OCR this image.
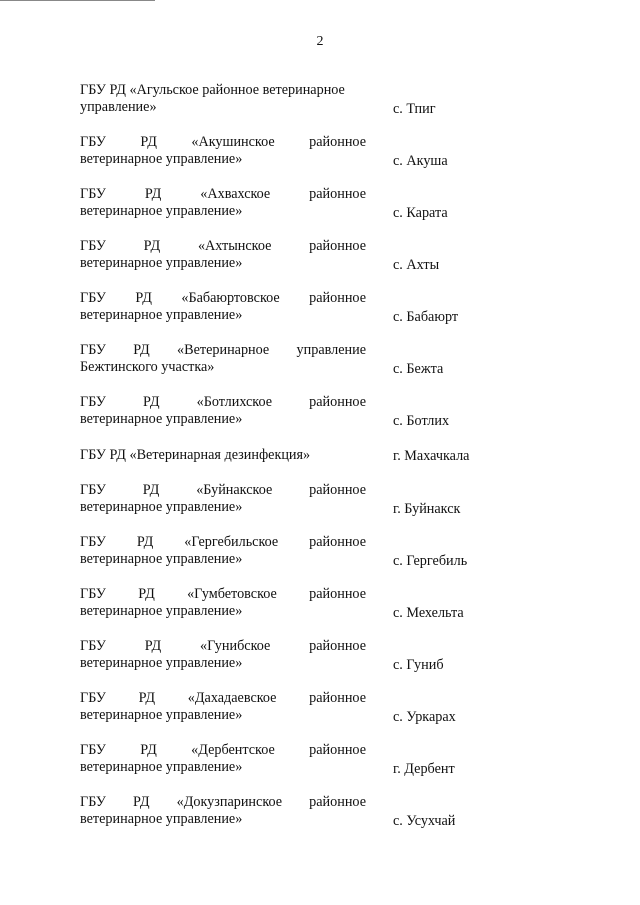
2
ГБУ РД «Агульское районное ветеринарное
управление»	с. Тпиг
ГБУ РД «Акушинское районное
ветеринарное управление»	с. Акуша
ГБУ РД «Ахвахское районное
ветеринарное управление»	с. Карата
ГБУ РД «Ахтынское районное
ветеринарное управление»	с. Ахты
ГБУ РД «Бабаюртовское районное
ветеринарное управление»	с. Бабаюрт
ГБУ РД «Ветеринарное управление
Бежтинского участка»	с. Бежта
ГБУ РД «Ботлихское районное
ветеринарное управление»	с. Ботлих
ГБУ РД «Ветеринарная дезинфекция»	г. Махачкала
ГБУ РД «Буйнакское районное
ветеринарное управление»	г. Буйнакск
ГБУ РД «Гергебильское районное
ветеринарное управление»	с. Гергебиль
ГБУ РД «Гумбетовское районное
ветеринарное управление»	с. Мехельта
ГБУ РД «Гунибское районное
ветеринарное управление»	с. Гуниб
ГБУ РД «Дахадаевское районное
ветеринарное управление»	с. Уркарах
ГБУ РД «Дербентское районное
ветеринарное управление»	г. Дербент
ГБУ РД «Докузпаринское районное
ветеринарное управление»	с. Усухчай
